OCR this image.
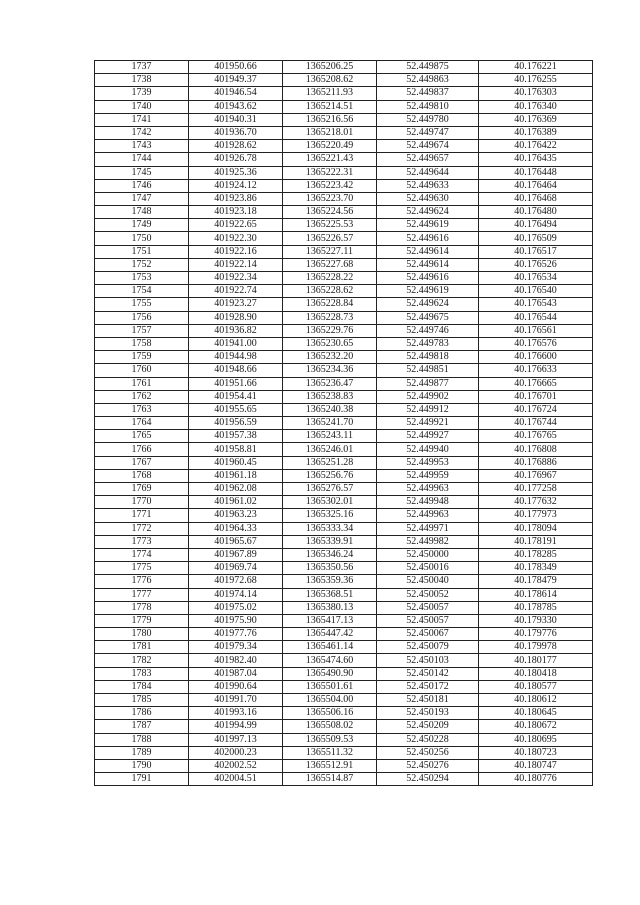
1737	401950.66	1365206.25	52.449875	40.176221
1738	401949.37	1365208.62	52.449863	40.176255
1739	401946.54	1365211.93	52.449837	40.176303
1740	401943.62	1365214.51	52.449810	40.176340
1741	401940.31	1365216.56	52.449780	40.176369
1742	401936.70	1365218.01	52.449747	40.176389
1743	401928.62	1365220.49	52.449674	40.176422
1744	401926.78	1365221.43	52.449657	40.176435
1745	401925.36	1365222.31	52.449644	40.176448
1746	401924.12	1365223.42	52.449633	40.176464
1747	401923.86	1365223.70	52.449630	40.176468
1748	401923.18	1365224.56	52.449624	40.176480
1749	401922.65	1365225.53	52.449619	40.176494
1750	401922.30	1365226.57	52.449616	40.176509
1751	401922.16	1365227.11	52.449614	40.176517
1752	401922.14	1365227.68	52.449614	40.176526
1753	401922.34	1365228.22	52.449616	40.176534
1754	401922.74	1365228.62	52.449619	40.176540
1755	401923.27	1365228.84	52.449624	40.176543
1756	401928.90	1365228.73	52.449675	40.176544
1757	401936.82	1365229.76	52.449746	40.176561
1758	401941.00	1365230.65	52.449783	40.176576
1759	401944.98	1365232.20	52.449818	40.176600
1760	401948.66	1365234.36	52.449851	40.176633
1761	401951.66	1365236.47	52.449877	40.176665
1762	401954.41	1365238.83	52.449902	40.176701
1763	401955.65	1365240.38	52.449912	40.176724
1764	401956.59	1365241.70	52.449921	40.176744
1765	401957.38	1365243.11	52.449927	40.176765
1766	401958.81	1365246.01	52.449940	40.176808
1767	401960.45	1365251.28	52.449953	40.176886
1768	401961.18	1365256.76	52.449959	40.176967
1769	401962.08	1365276.57	52.449963	40.177258
1770	401961.02	1365302.01	52.449948	40.177632
1771	401963.23	1365325.16	52.449963	40.177973
1772	401964.33	1365333.34	52.449971	40.178094
1773	401965.67	1365339.91	52.449982	40.178191
1774	401967.89	1365346.24	52.450000	40.178285
1775	401969.74	1365350.56	52.450016	40.178349
1776	401972.68	1365359.36	52.450040	40.178479
1777	401974.14	1365368.51	52.450052	40.178614
1778	401975.02	1365380.13	52.450057	40.178785
1779	401975.90	1365417.13	52.450057	40.179330
1780	401977.76	1365447.42	52.450067	40.179776
1781	401979.34	1365461.14	52.450079	40.179978
1782	401982.40	1365474.60	52.450103	40.180177
1783	401987.04	1365490.90	52.450142	40.180418
1784	401990.64	1365501.61	52.450172	40.180577
1785	401991.70	1365504.00	52.450181	40.180612
1786	401993.16	1365506.16	52.450193	40.180645
1787	401994.99	1365508.02	52.450209	40.180672
1788	401997.13	1365509.53	52.450228	40.180695
1789	402000.23	1365511.32	52.450256	40.180723
1790	402002.52	1365512.91	52.450276	40.180747
1791	402004.51	1365514.87	52.450294	40.180776
